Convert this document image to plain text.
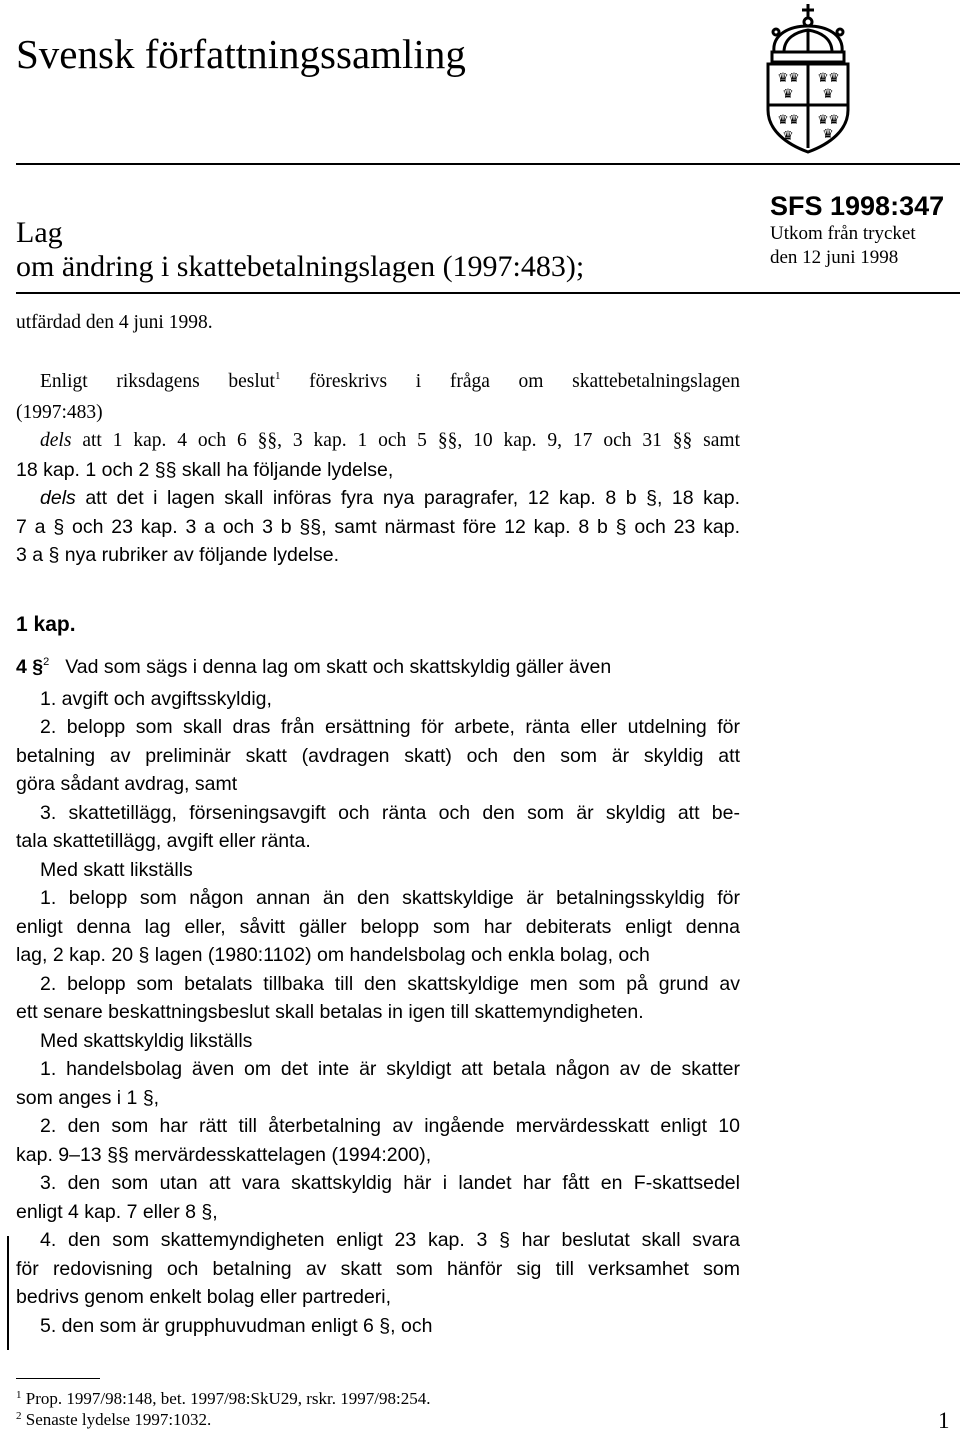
Svensk författningssamling
♛ ♛
♛
♛ ♛
♛
♛ ♛
♛
♛ ♛
♛
Lag
om ändring i skattebetalningslagen (1997:483);
SFS 1998:347
Utkom från trycket
den 12 juni 1998
utfärdad den 4 juni 1998.
Enligt riksdagens beslut$^1$ föreskrivs i fråga om skattebetalningslagen
(1997:483)
dels att 1 kap. 4 och 6 §§, 3 kap. 1 och 5 §§, 10 kap. 9, 17 och 31 §§ samt
18 kap. 1 och 2 §§ skall ha följande lydelse,
dels att det i lagen skall införas fyra nya paragrafer, 12 kap. 8 b §, 18 kap.
7 a § och 23 kap. 3 a och 3 b §§, samt närmast före 12 kap. 8 b § och 23 kap.
3 a § nya rubriker av följande lydelse.
1 kap.
4 §$^2$ Vad som sägs i denna lag om skatt och skattskyldig gäller även
1. avgift och avgiftsskyldig,
2. belopp som skall dras från ersättning för arbete, ränta eller utdelning för
betalning av preliminär skatt (avdragen skatt) och den som är skyldig att
göra sådant avdrag, samt
3. skattetillägg, förseningsavgift och ränta och den som är skyldig att be-
tala skattetillägg, avgift eller ränta.
Med skatt likställs
1. belopp som någon annan än den skattskyldige är betalningsskyldig för
enligt denna lag eller, såvitt gäller belopp som har debiterats enligt denna
lag, 2 kap. 20 § lagen (1980:1102) om handelsbolag och enkla bolag, och
2. belopp som betalats tillbaka till den skattskyldige men som på grund av
ett senare beskattningsbeslut skall betalas in igen till skattemyndigheten.
Med skattskyldig likställs
1. handelsbolag även om det inte är skyldigt att betala någon av de skatter
som anges i 1 §,
2. den som har rätt till återbetalning av ingående mervärdesskatt enligt 10
kap. 9–13 §§ mervärdesskattelagen (1994:200),
3. den som utan att vara skattskyldig här i landet har fått en F-skattsedel
enligt 4 kap. 7 eller 8 §,
4. den som skattemyndigheten enligt 23 kap. 3 § har beslutat skall svara
för redovisning och betalning av skatt som hänför sig till verksamhet som
bedrivs genom enkelt bolag eller partrederi,
5. den som är grupphuvudman enligt 6 §, och
$^1$ Prop. 1997/98:148, bet. 1997/98:SkU29, rskr. 1997/98:254.
$^2$ Senaste lydelse 1997:1032.	1
